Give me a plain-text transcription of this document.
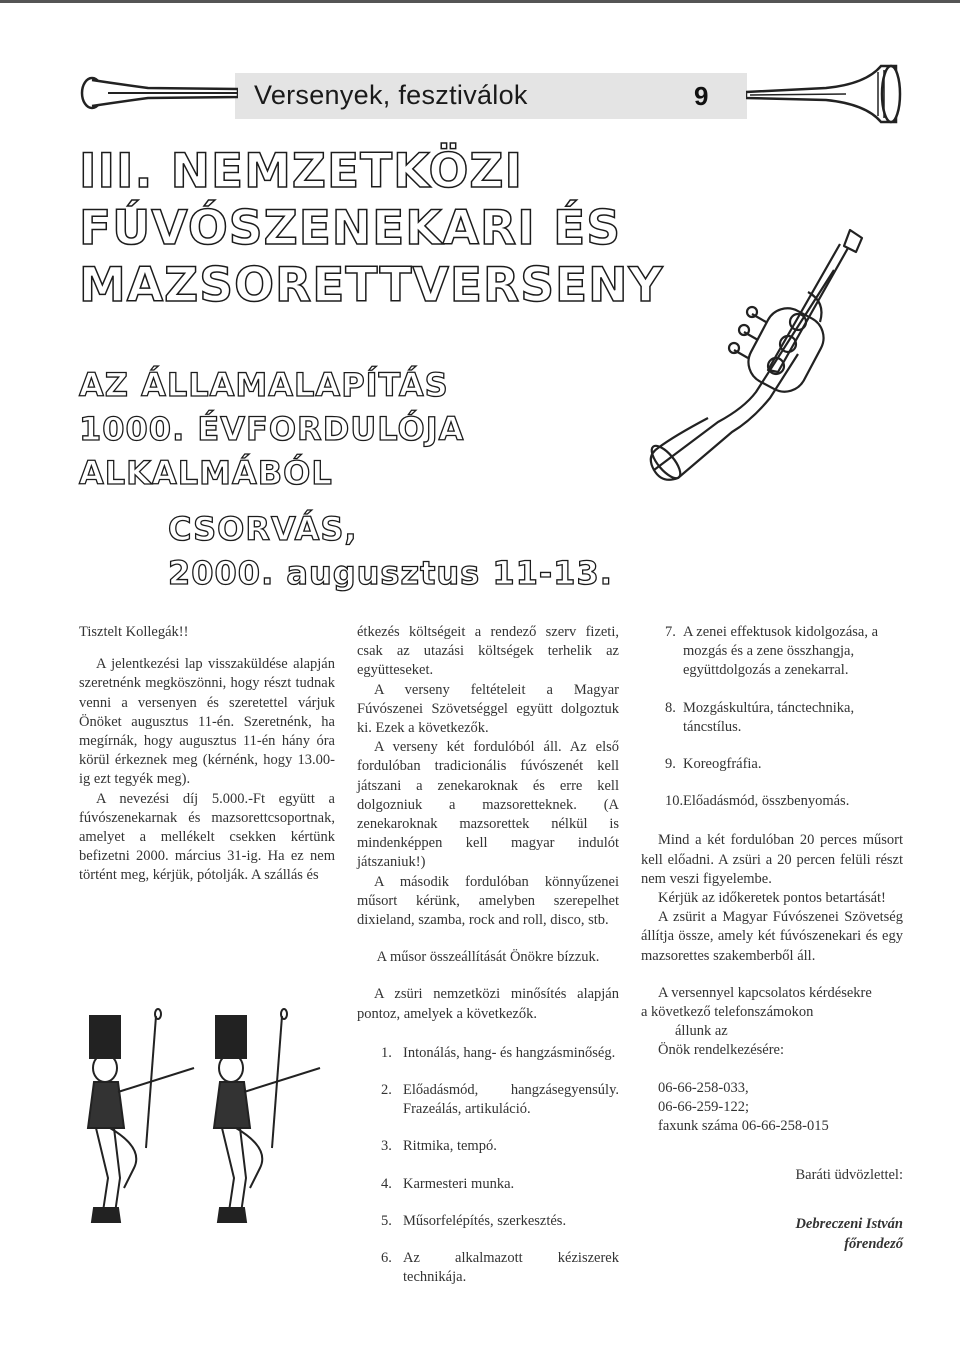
Versenyek, fesztiválok	9
III. NEMZETKÖZI
FÚVÓSZENEKARI ÉS
MAZSORETTVERSENY
AZ ÁLLAMALAPÍTÁS
1000. ÉVFORDULÓJA
ALKALMÁBÓL
CSORVÁS,
2000. augusztus 11-13.

Tisztelt Kollegák!!

A jelentkezési lap visszaküldése alapján szeretnénk megköszönni, hogy részt tudnak venni a versenyen és szeretettel várjuk Önöket augusztus 11-én. Szeretnénk, ha megírnák, hogy augusztus 11-én hány óra körül érkeznek meg (kérnénk, hogy 13.00-ig ezt tegyék meg).

A nevezési díj 5.000.-Ft együtt a fúvószenekarnak és mazsorettcsoportnak, amelyet a mellékelt csekken kértünk befizetni 2000. március 31-ig. Ha ez nem történt meg, kérjük, pótolják. A szállás és

étkezés költségeit a rendező szerv fizeti, csak az utazási költségek terhelik az együtteseket.

A verseny feltételeit a Magyar Fúvószenei Szövetséggel együtt dolgoztuk ki. Ezek a következők.

A verseny két fordulóból áll. Az első fordulóban tradicionális fúvószenét kell játszani a zenekaroknak és erre kell dolgozniuk a mazsoretteknek. (A zenekaroknak mazsorettek nélkül is mindenképpen kell magyar indulót játszaniuk!)

A második fordulóban könnyűzenei műsort kérünk, amelyben szerepelhet dixieland, szamba, rock and roll, disco, stb.

A műsor összeállítását Önökre bízzuk.

A zsüri nemzetközi minősítés alapján pontoz, amelyek a következők.

1. Intonálás, hang- és hangzásminőség.
2. Előadásmód, hangzásegyensúly. Frazeálás, artikuláció.
3. Ritmika, tempó.
4. Karmesteri munka.
5. Műsorfelépítés, szerkesztés.
6. Az alkalmazott kéziszerek technikája.
7. A zenei effektusok kidolgozása, a mozgás és a zene összhangja, együttdolgozás a zenekarral.
8. Mozgáskultúra, tánctechnika, táncstílus.
9. Koreogfráfia.
10. Előadásmód, összbenyomás.

Mind a két fordulóban 20 perces műsort kell előadni. A zsüri a 20 percen felüli részt nem veszi figyelembe.

Kérjük az időkeretek pontos betartását!

A zsürit a Magyar Fúvószenei Szövetség állítja össze, amely két fúvószenekari és egy mazsorettes szakemberből áll.

A versennyel kapcsolatos kérdésekre

a következő telefonszámokon

állunk az

Önök rendelkezésére:

06-66-258-033,

06-66-259-122;

faxunk száma 06-66-258-015

Baráti üdvözlettel:

Debreczeni István

főrendező
